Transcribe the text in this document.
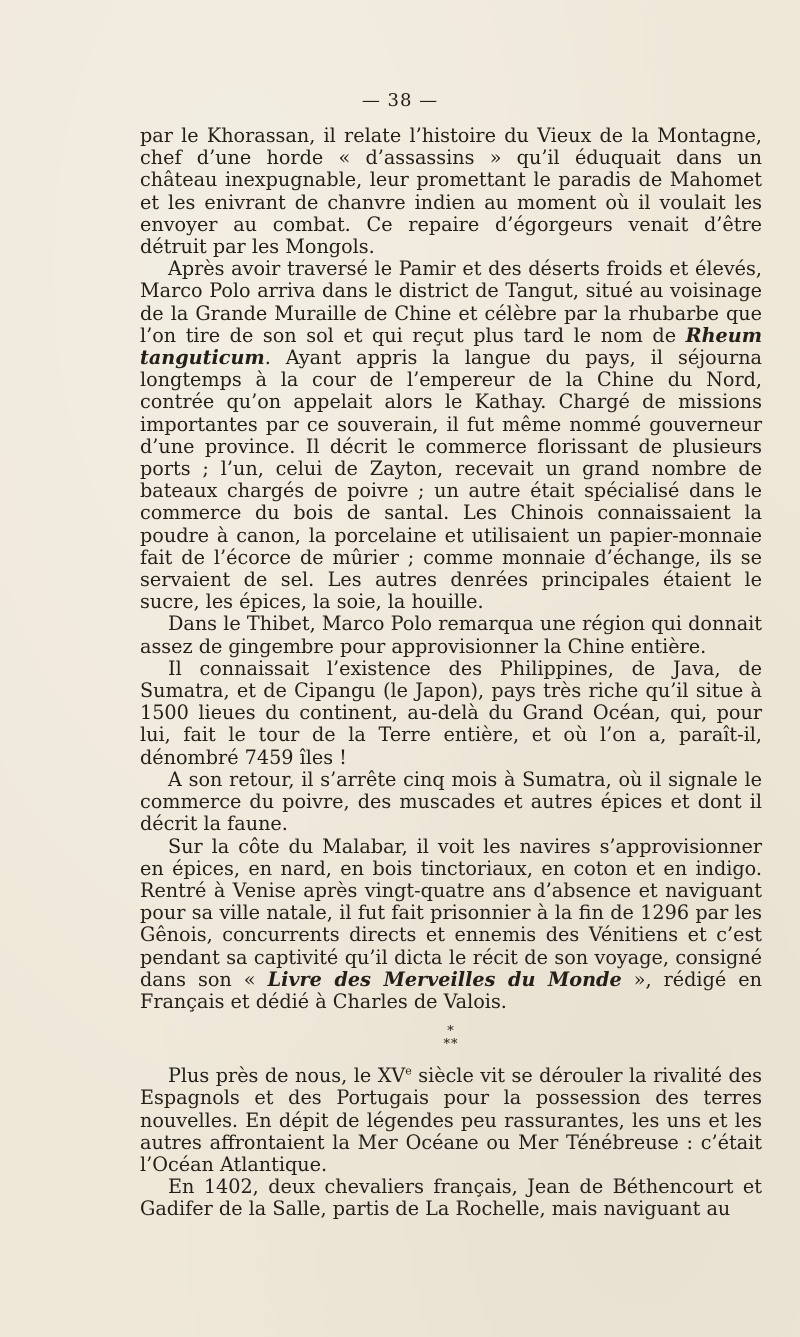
— 38 —

par le Khorassan, il relate l’histoire du Vieux de la Montagne, chef d’une horde « d’assassins » qu’il éduquait dans un château inexpugnable, leur promettant le paradis de Mahomet et les enivrant de chanvre indien au moment où il voulait les envoyer au combat. Ce repaire d’égorgeurs venait d’être détruit par les Mongols.

Après avoir traversé le Pamir et des déserts froids et élevés, Marco Polo arriva dans le district de Tangut, situé au voisinage de la Grande Muraille de Chine et célèbre par la rhubarbe que l’on tire de son sol et qui reçut plus tard le nom de Rheum tanguticum. Ayant appris la langue du pays, il séjourna longtemps à la cour de l’empereur de la Chine du Nord, contrée qu’on appelait alors le Kathay. Chargé de missions importantes par ce souverain, il fut même nommé gouverneur d’une province. Il décrit le commerce florissant de plusieurs ports ; l’un, celui de Zayton, recevait un grand nombre de bateaux chargés de poivre ; un autre était spécialisé dans le commerce du bois de santal. Les Chinois connaissaient la poudre à canon, la porcelaine et utilisaient un papier-monnaie fait de l’écorce de mûrier ; comme monnaie d’échange, ils se servaient de sel. Les autres denrées principales étaient le sucre, les épices, la soie, la houille.

Dans le Thibet, Marco Polo remarqua une région qui donnait assez de gingembre pour approvisionner la Chine entière.

Il connaissait l’existence des Philippines, de Java, de Sumatra, et de Cipangu (le Japon), pays très riche qu’il situe à 1500 lieues du continent, au-delà du Grand Océan, qui, pour lui, fait le tour de la Terre entière, et où l’on a, paraît-il, dénombré 7459 îles !

A son retour, il s’arrête cinq mois à Sumatra, où il signale le commerce du poivre, des muscades et autres épices et dont il décrit la faune.

Sur la côte du Malabar, il voit les navires s’approvisionner en épices, en nard, en bois tinctoriaux, en coton et en indigo. Rentré à Venise après vingt-quatre ans d’absence et naviguant pour sa ville natale, il fut fait prisonnier à la fin de 1296 par les Gênois, concurrents directs et ennemis des Vénitiens et c’est pendant sa captivité qu’il dicta le récit de son voyage, consigné dans son « Livre des Merveilles du Monde », rédigé en Français et dédié à Charles de Valois.

*
**

Plus près de nous, le XVe siècle vit se dérouler la rivalité des Espagnols et des Portugais pour la possession des terres nouvelles. En dépit de légendes peu rassurantes, les uns et les autres affrontaient la Mer Océane ou Mer Ténébreuse : c’était l’Océan Atlantique.

En 1402, deux chevaliers français, Jean de Béthencourt et Gadifer de la Salle, partis de La Rochelle, mais naviguant au
